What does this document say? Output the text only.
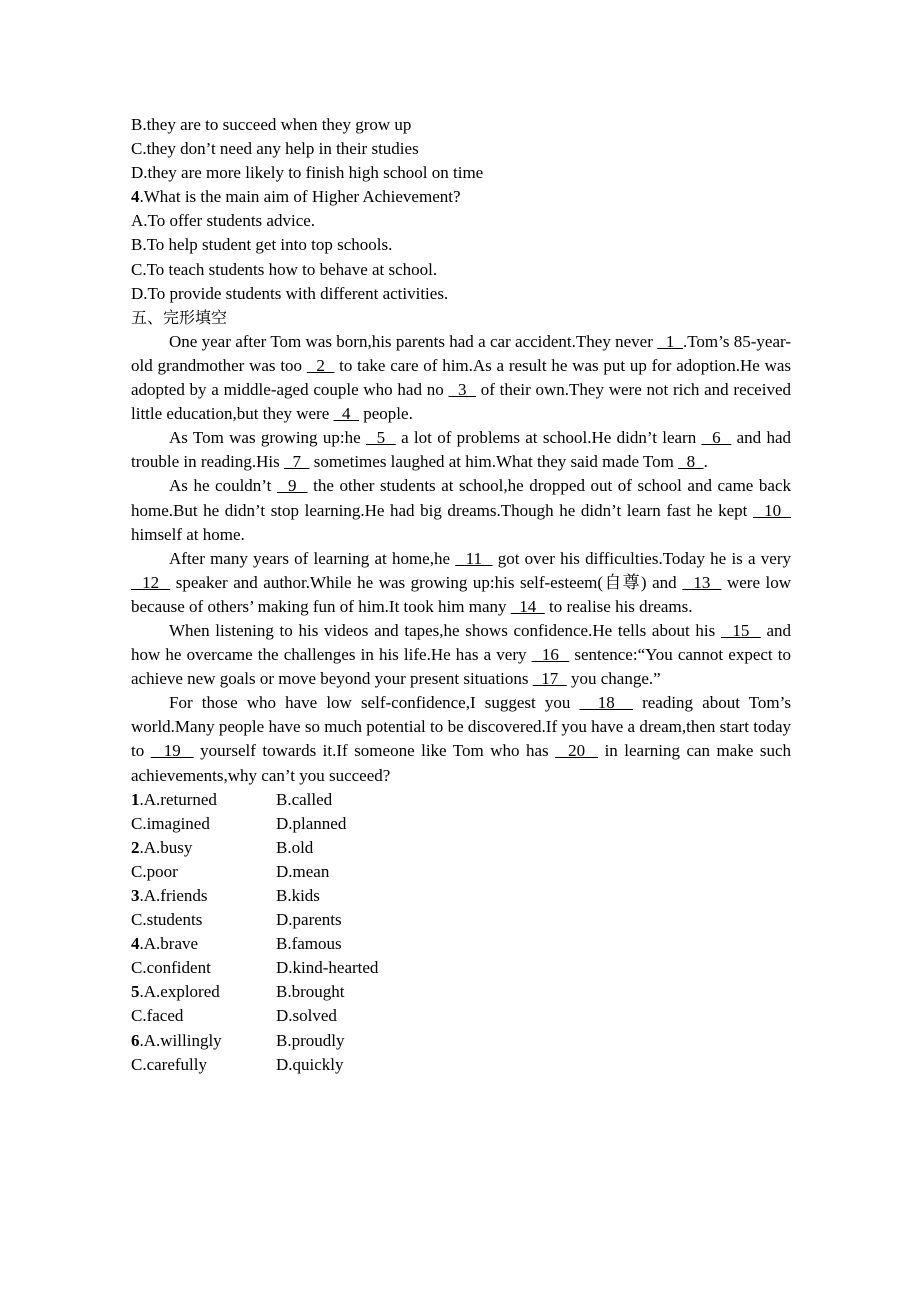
B.they are to succeed when they grow up
C.they don’t need any help in their studies
D.they are more likely to finish high school on time
4.What is the main aim of Higher Achievement?
A.To offer students advice.
B.To help student get into top schools.
C.To teach students how to behave at school.
D.To provide students with different activities.
五、完形填空

One year after Tom was born,his parents had a car accident.They never   1  .Tom’s 85-year-old grandmother was too   2   to take care of him.As a result he was put up for adoption.He was adopted by a middle-aged couple who had no   3   of their own.They were not rich and received little education,but they were   4   people.

As Tom was growing up:he   5   a lot of problems at school.He didn’t learn   6   and had trouble in reading.His   7   sometimes laughed at him.What they said made Tom   8  .

As he couldn’t   9   the other students at school,he dropped out of school and came back home.But he didn’t stop learning.He had big dreams.Though he didn’t learn fast he kept   10   himself at home.

After many years of learning at home,he   11   got over his difficulties.Today he is a very   12   speaker and author.While he was growing up:his self-esteem(自尊) and   13   were low because of others’ making fun of him.It took him many   14   to realise his dreams.

When listening to his videos and tapes,he shows confidence.He tells about his   15   and how he overcame the challenges in his life.He has a very   16   sentence:“You cannot expect to achieve new goals or move beyond your present situations   17   you change.”

For those who have low self-confidence,I suggest you   18   reading about Tom’s world.Many people have so much potential to be discovered.If you have a dream,then start today to   19   yourself towards it.If someone like Tom who has   20   in learning can make such achievements,why can’t you succeed?

1.A.returned	B.called
C.imagined	D.planned
2.A.busy	B.old
C.poor	D.mean
3.A.friends	B.kids
C.students	D.parents
4.A.brave	B.famous
C.confident	D.kind-hearted
5.A.explored	B.brought
C.faced	D.solved
6.A.willingly	B.proudly
C.carefully	D.quickly
